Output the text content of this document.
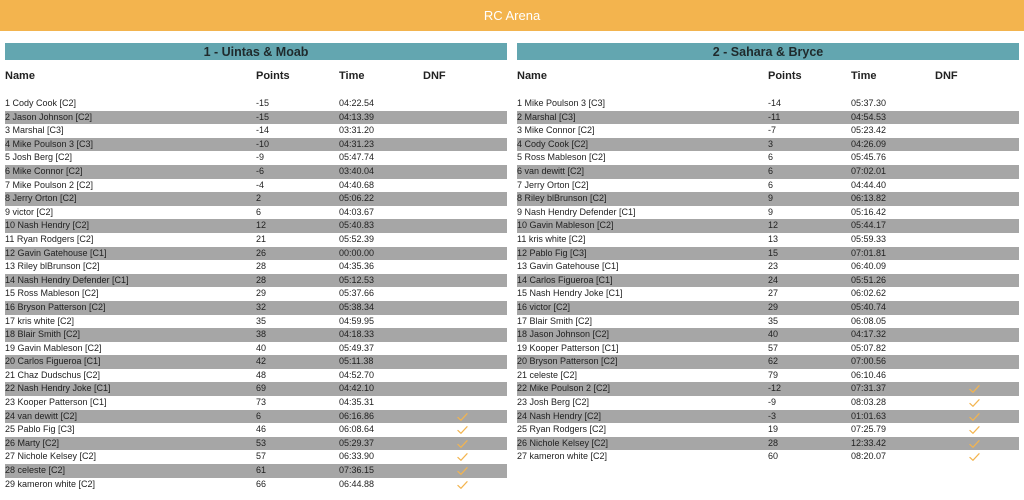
RC Arena
1 - Uintas & Moab
Name	Points	Time	DNF
1 Cody Cook [C2]	-15	04:22.54
2 Jason Johnson [C2]	-15	04:13.39
3 Marshal [C3]	-14	03:31.20
4 Mike Poulson 3 [C3]	-10	04:31.23
5 Josh Berg [C2]	-9	05:47.74
6 Mike Connor [C2]	-6	03:40.04
7 Mike Poulson 2 [C2]	-4	04:40.68
8 Jerry Orton [C2]	2	05:06.22
9 victor [C2]	6	04:03.67
10 Nash Hendry [C2]	12	05:40.83
11 Ryan Rodgers [C2]	21	05:52.39
12 Gavin Gatehouse [C1]	26	00:00.00
13 Riley blBrunson [C2]	28	04:35.36
14 Nash Hendry Defender [C1]	28	05:12.53
15 Ross Mableson [C2]	29	05:37.66
16 Bryson Patterson [C2]	32	05:38.34
17 kris white [C2]	35	04:59.95
18 Blair Smith [C2]	38	04:18.33
19 Gavin Mableson [C2]	40	05:49.37
20 Carlos Figueroa [C1]	42	05:11.38
21 Chaz Dudschus [C2]	48	04:52.70
22 Nash Hendry Joke [C1]	69	04:42.10
23 Kooper Patterson [C1]	73	04:35.31
24 van dewitt [C2]	6	06:16.86
25 Pablo Fig [C3]	46	06:08.64
26 Marty [C2]	53	05:29.37
27 Nichole Kelsey [C2]	57	06:33.90
28 celeste [C2]	61	07:36.15
29 kameron white [C2]	66	06:44.88
2 - Sahara & Bryce
Name	Points	Time	DNF
1 Mike Poulson 3 [C3]	-14	05:37.30
2 Marshal [C3]	-11	04:54.53
3 Mike Connor [C2]	-7	05:23.42
4 Cody Cook [C2]	3	04:26.09
5 Ross Mableson [C2]	6	05:45.76
6 van dewitt [C2]	6	07:02.01
7 Jerry Orton [C2]	6	04:44.40
8 Riley blBrunson [C2]	9	06:13.82
9 Nash Hendry Defender [C1]	9	05:16.42
10 Gavin Mableson [C2]	12	05:44.17
11 kris white [C2]	13	05:59.33
12 Pablo Fig [C3]	15	07:01.81
13 Gavin Gatehouse [C1]	23	06:40.09
14 Carlos Figueroa [C1]	24	05:51.26
15 Nash Hendry Joke [C1]	27	06:02.62
16 victor [C2]	29	05:40.74
17 Blair Smith [C2]	35	06:08.05
18 Jason Johnson [C2]	40	04:17.32
19 Kooper Patterson [C1]	57	05:07.82
20 Bryson Patterson [C2]	62	07:00.56
21 celeste [C2]	79	06:10.46
22 Mike Poulson 2 [C2]	-12	07:31.37
23 Josh Berg [C2]	-9	08:03.28
24 Nash Hendry [C2]	-3	01:01.63
25 Ryan Rodgers [C2]	19	07:25.79
26 Nichole Kelsey [C2]	28	12:33.42
27 kameron white [C2]	60	08:20.07
